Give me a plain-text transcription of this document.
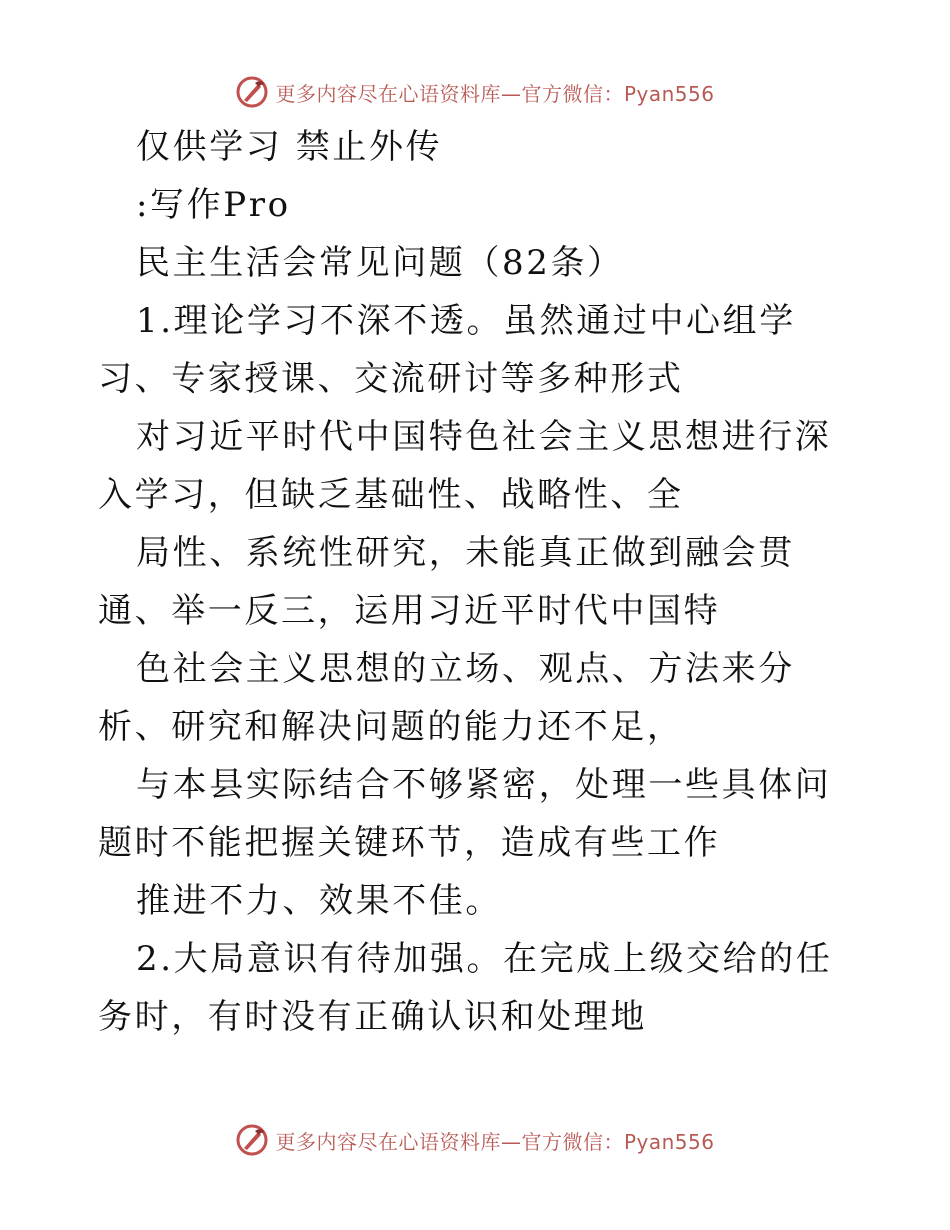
更多内容尽在心语资料库—官方微信：Pyan556

仅供学习 禁止外传

:写作Pro

民主生活会常见问题（82条）

1.理论学习不深不透。虽然通过中心组学习、专家授课、交流研讨等多种形式

对习近平时代中国特色社会主义思想进行深入学习，但缺乏基础性、战略性、全

局性、系统性研究，未能真正做到融会贯通、举一反三，运用习近平时代中国特

色社会主义思想的立场、观点、方法来分析、研究和解决问题的能力还不足，

与本县实际结合不够紧密，处理一些具体问题时不能把握关键环节，造成有些工作

推进不力、效果不佳。

2.大局意识有待加强。在完成上级交给的任务时，有时没有正确认识和处理地

更多内容尽在心语资料库—官方微信：Pyan556
